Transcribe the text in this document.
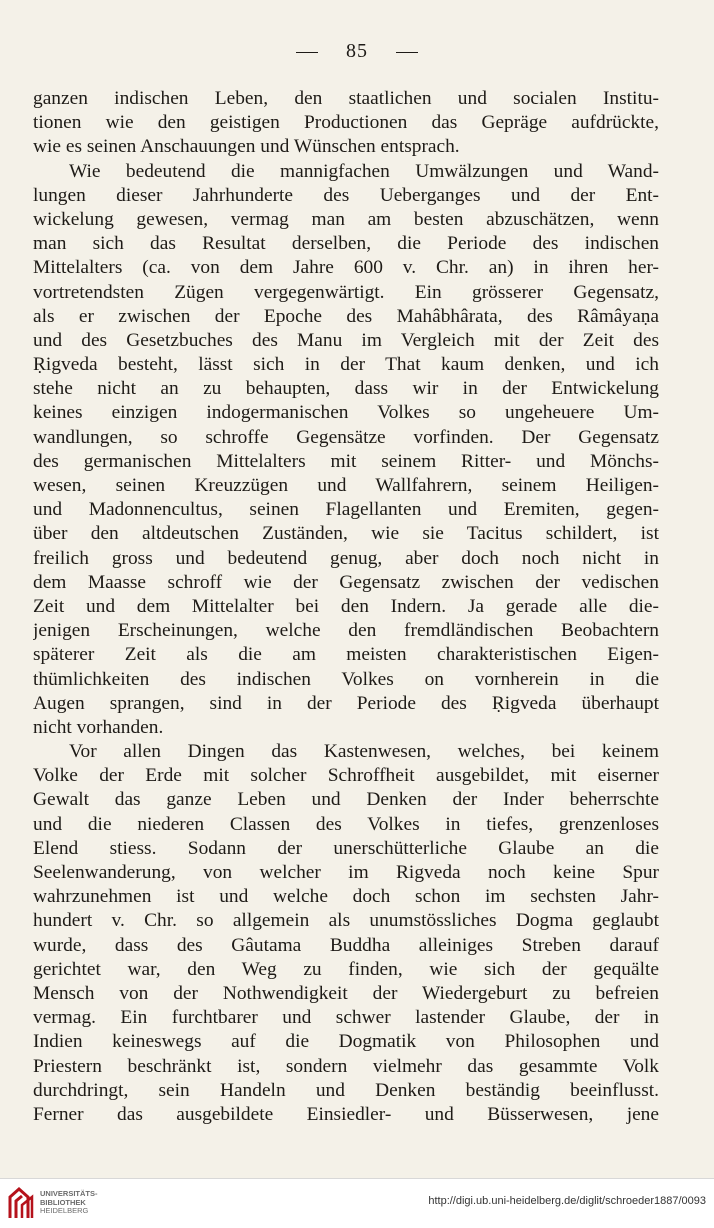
85
ganzen indischen Leben, den staatlichen und socialen Institu-
tionen wie den geistigen Productionen das Gepräge aufdrückte,
wie es seinen Anschauungen und Wünschen entsprach.
Wie bedeutend die mannigfachen Umwälzungen und Wand-
lungen dieser Jahrhunderte des Ueberganges und der Ent-
wickelung gewesen, vermag man am besten abzuschätzen, wenn
man sich das Resultat derselben, die Periode des indischen
Mittelalters (ca. von dem Jahre 600 v. Chr. an) in ihren her-
vortretendsten Zügen vergegenwärtigt. Ein grösserer Gegensatz,
als er zwischen der Epoche des Mahâbhârata, des Râmâyaṇa
und des Gesetzbuches des Manu im Vergleich mit der Zeit des
Ṛigveda besteht, lässt sich in der That kaum denken, und ich
stehe nicht an zu behaupten, dass wir in der Entwickelung
keines einzigen indogermanischen Volkes so ungeheuere Um-
wandlungen, so schroffe Gegensätze vorfinden. Der Gegensatz
des germanischen Mittelalters mit seinem Ritter- und Mönchs-
wesen, seinen Kreuzzügen und Wallfahrern, seinem Heiligen-
und Madonnencultus, seinen Flagellanten und Eremiten, gegen-
über den altdeutschen Zuständen, wie sie Tacitus schildert, ist
freilich gross und bedeutend genug, aber doch noch nicht in
dem Maasse schroff wie der Gegensatz zwischen der vedischen
Zeit und dem Mittelalter bei den Indern. Ja gerade alle die-
jenigen Erscheinungen, welche den fremdländischen Beobachtern
späterer Zeit als die am meisten charakteristischen Eigen-
thümlichkeiten des indischen Volkes on vornherein in die
Augen sprangen, sind in der Periode des Ṛigveda überhaupt
nicht vorhanden.
Vor allen Dingen das Kastenwesen, welches, bei keinem
Volke der Erde mit solcher Schroffheit ausgebildet, mit eiserner
Gewalt das ganze Leben und Denken der Inder beherrschte
und die niederen Classen des Volkes in tiefes, grenzenloses
Elend stiess. Sodann der unerschütterliche Glaube an die
Seelenwanderung, von welcher im Rigveda noch keine Spur
wahrzunehmen ist und welche doch schon im sechsten Jahr-
hundert v. Chr. so allgemein als unumstössliches Dogma geglaubt
wurde, dass des Gâutama Buddha alleiniges Streben darauf
gerichtet war, den Weg zu finden, wie sich der gequälte
Mensch von der Nothwendigkeit der Wiedergeburt zu befreien
vermag. Ein furchtbarer und schwer lastender Glaube, der in
Indien keineswegs auf die Dogmatik von Philosophen und
Priestern beschränkt ist, sondern vielmehr das gesammte Volk
durchdringt, sein Handeln und Denken beständig beeinflusst.
Ferner das ausgebildete Einsiedler- und Büsserwesen, jene
UNIVERSITÄTS-
BIBLIOTHEK
HEIDELBERG
http://digi.ub.uni-heidelberg.de/diglit/schroeder1887/0093
